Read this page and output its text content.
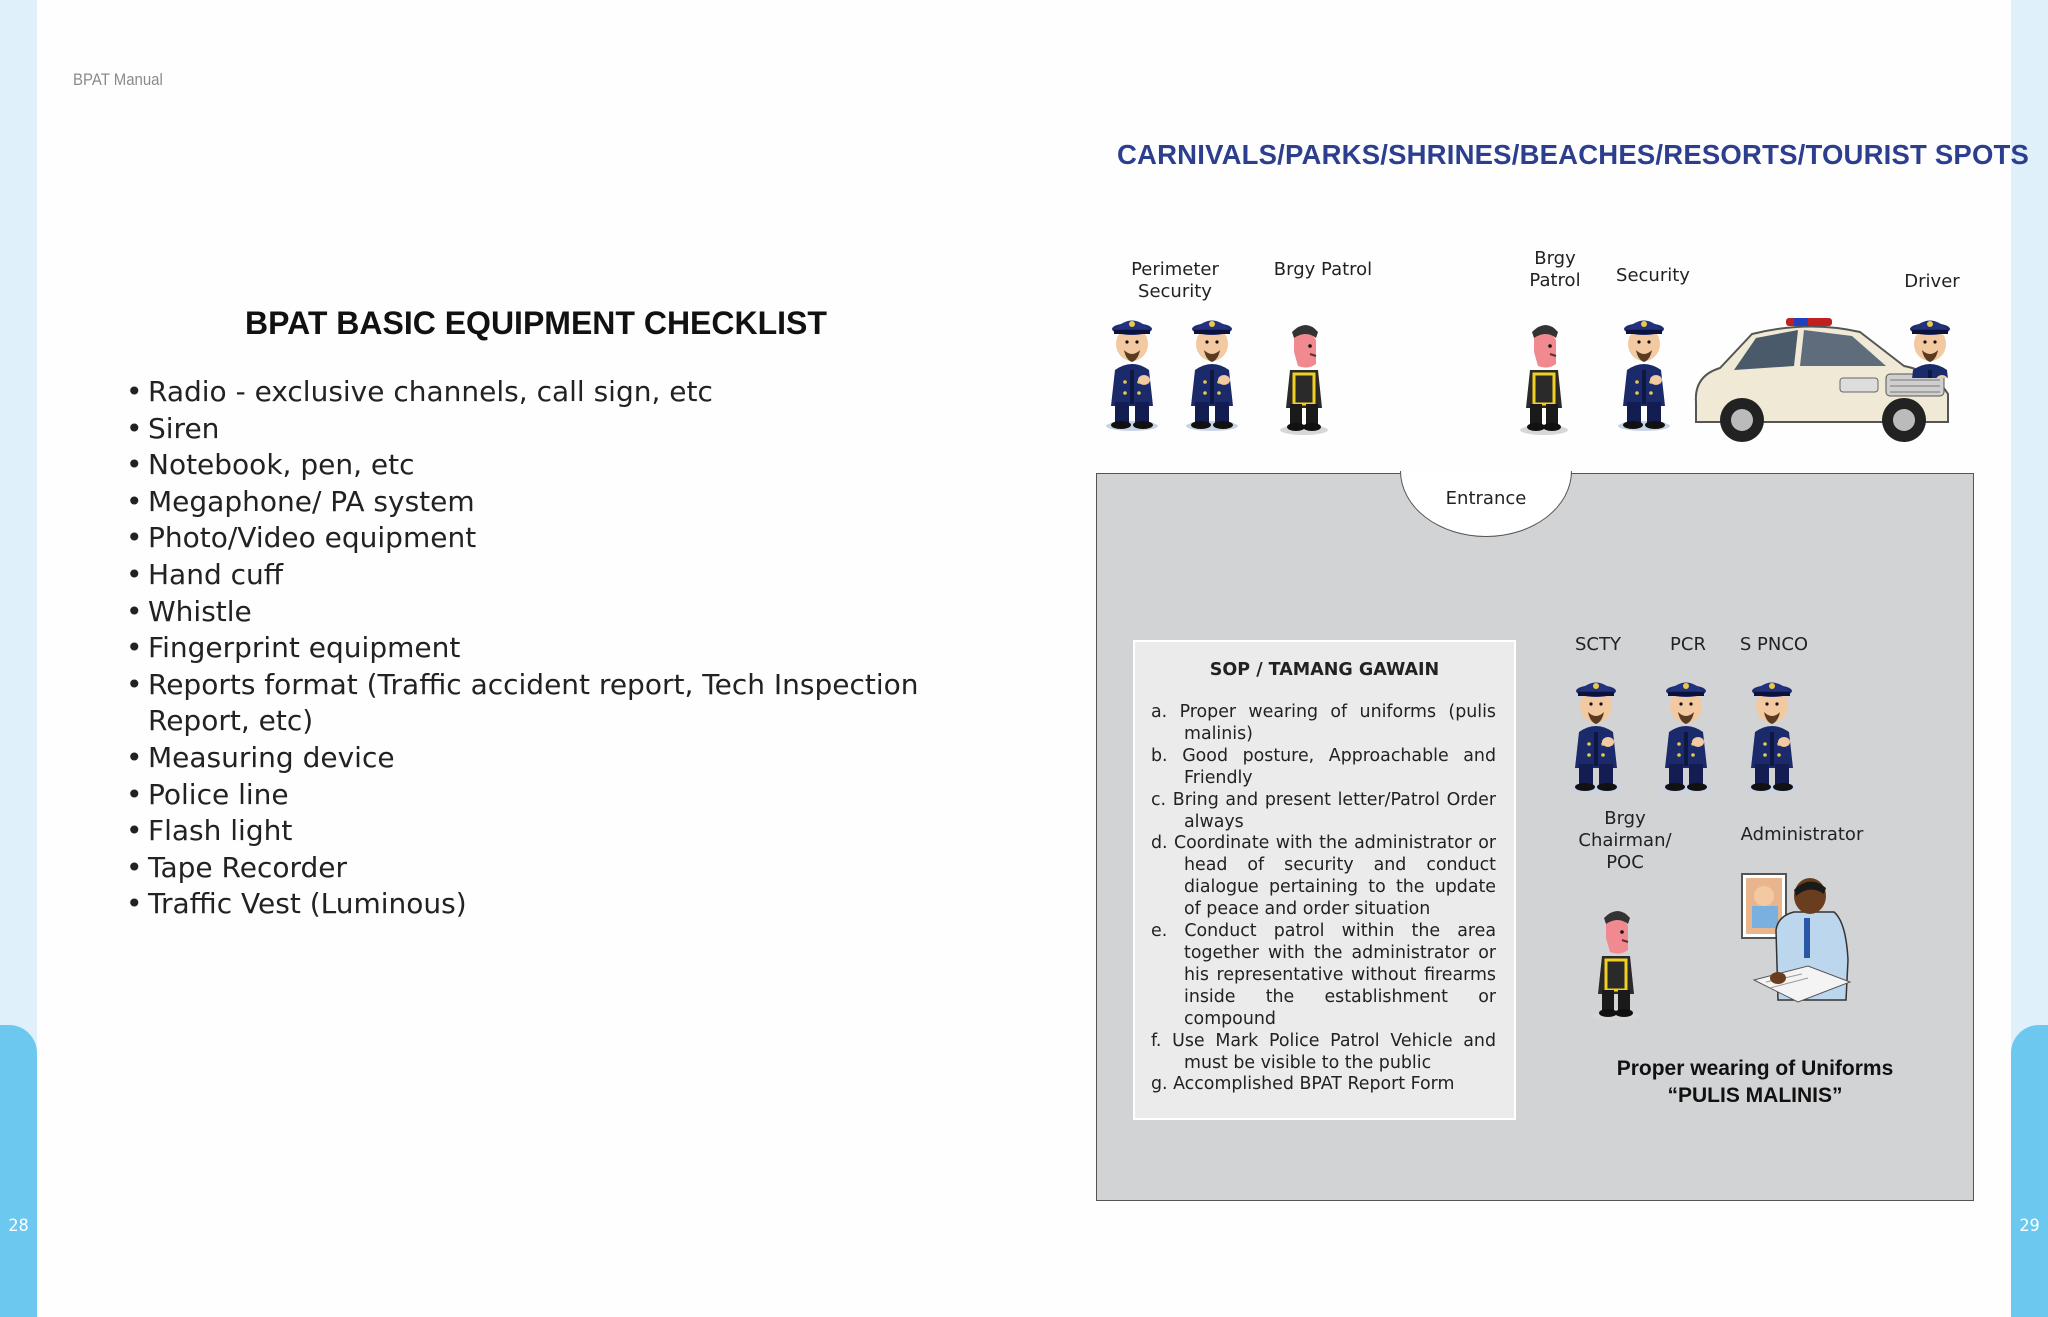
28	29
BPAT Manual
BPAT BASIC EQUIPMENT CHECKLIST
• Radio - exclusive channels, call sign, etc
• Siren
• Notebook, pen, etc
• Megaphone/ PA system
• Photo/Video equipment
• Hand cuff
• Whistle
• Fingerprint equipment
• Reports format (Traffic accident report, Tech Inspection Report, etc)
• Measuring device
• Police line
• Flash light
• Tape Recorder
• Traffic Vest (Luminous)
CARNIVALS/PARKS/SHRINES/BEACHES/RESORTS/TOURIST SPOTS
Perimeter Security
Brgy Patrol
Brgy
Patrol	Security	Driver
Entrance
SOP / TAMANG GAWAIN
a. Proper wearing of uniforms (pulis malinis)
b. Good posture, Approachable and Friendly
c. Bring and present letter/Patrol Order always
d. Coordinate with the administrator or head of security and conduct dialogue pertaining to the update of peace and order situation
e. Conduct patrol within the area together with the administrator or his representative without firearms inside the establishment or compound
f. Use Mark Police Patrol Vehicle and must be visible to the public
g. Accomplished BPAT Report Form
SCTY	PCR	S PNCO
Brgy
Chairman/
POC
Administrator
Proper wearing of Uniforms
“PULIS MALINIS”
